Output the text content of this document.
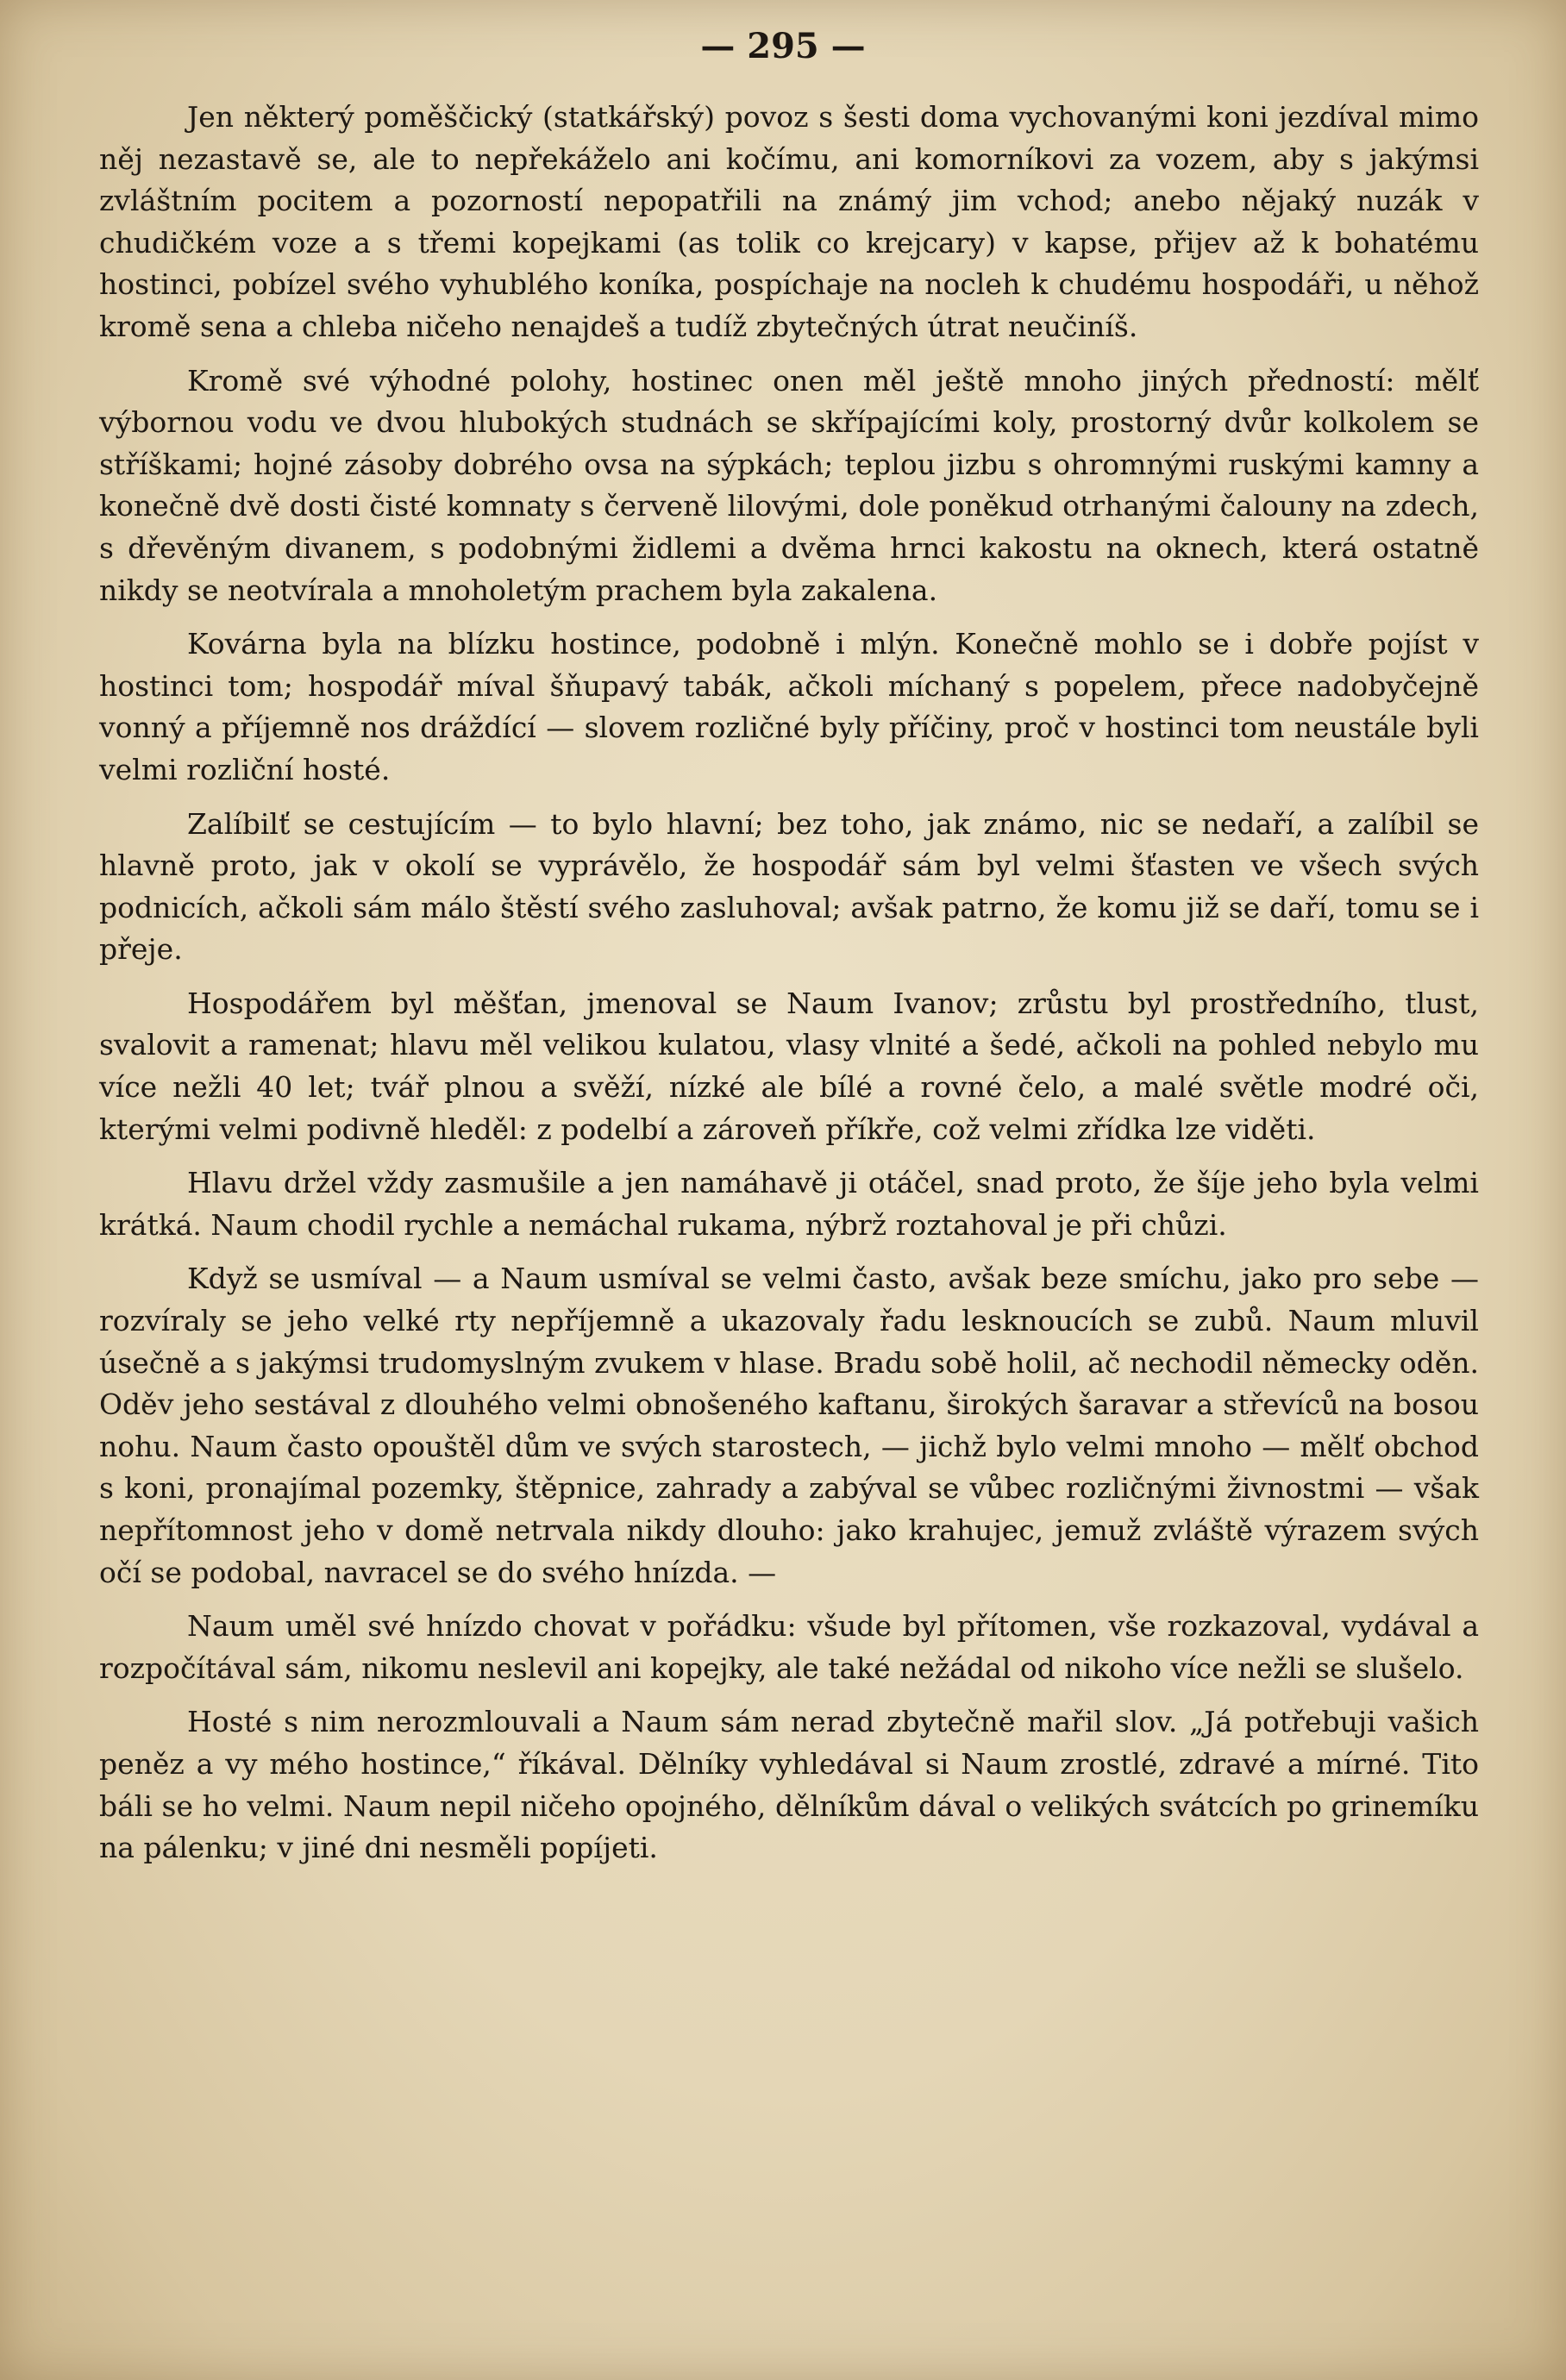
— 295 —

Jen některý poměščický (statkářský) povoz s šesti doma vychovanými koni jezdíval mimo něj nezastavě se, ale to nepřekáželo ani kočímu, ani komorníkovi za vozem, aby s jakýmsi zvláštním pocitem a pozorností nepopatřili na známý jim vchod; anebo nějaký nuzák v chudičkém voze a s třemi kopejkami (as tolik co krejcary) v kapse, přijev až k bohatému hostinci, pobízel svého vyhublého koníka, pospíchaje na nocleh k chudému hospodáři, u něhož kromě sena a chleba ničeho nenajdeš a tudíž zbytečných útrat neučiníš.

Kromě své výhodné polohy, hostinec onen měl ještě mnoho jiných předností: mělť výbornou vodu ve dvou hlubokých studnách se skřípajícími koly, prostorný dvůr kolkolem se stříškami; hojné zásoby dobrého ovsa na sýpkách; teplou jizbu s ohromnými ruskými kamny a konečně dvě dosti čisté komnaty s červeně lilovými, dole poněkud otrhanými čalouny na zdech, s dřevěným divanem, s podobnými židlemi a dvěma hrnci kakostu na oknech, která ostatně nikdy se neotvírala a mnoholetým prachem byla zakalena.

Kovárna byla na blízku hostince, podobně i mlýn. Konečně mohlo se i dobře pojíst v hostinci tom; hospodář míval šňupavý tabák, ačkoli míchaný s popelem, přece nadobyčejně vonný a příjemně nos dráždící — slovem rozličné byly příčiny, proč v hostinci tom neustále byli velmi rozliční hosté.

Zalíbilť se cestujícím — to bylo hlavní; bez toho, jak známo, nic se nedaří, a zalíbil se hlavně proto, jak v okolí se vyprávělo, že hospodář sám byl velmi šťasten ve všech svých podnicích, ačkoli sám málo štěstí svého zasluhoval; avšak patrno, že komu již se daří, tomu se i přeje.

Hospodářem byl měšťan, jmenoval se Naum Ivanov; zrůstu byl prostředního, tlust, svalovit a ramenat; hlavu měl velikou kulatou, vlasy vlnité a šedé, ačkoli na pohled nebylo mu více nežli 40 let; tvář plnou a svěží, nízké ale bílé a rovné čelo, a malé světle modré oči, kterými velmi podivně hleděl: z podelbí a zároveň příkře, což velmi zřídka lze viděti.

Hlavu držel vždy zasmušile a jen namáhavě ji otáčel, snad proto, že šíje jeho byla velmi krátká. Naum chodil rychle a nemáchal rukama, nýbrž roztahoval je při chůzi.

Když se usmíval — a Naum usmíval se velmi často, avšak beze smíchu, jako pro sebe — rozvíraly se jeho velké rty nepříjemně a ukazovaly řadu lesknoucích se zubů. Naum mluvil úsečně a s jakýmsi trudomyslným zvukem v hlase. Bradu sobě holil, ač nechodil německy oděn. Oděv jeho sestával z dlouhého velmi obnošeného kaftanu, širokých šaravar a střevíců na bosou nohu. Naum často opouštěl dům ve svých starostech, — jichž bylo velmi mnoho — mělť obchod s koni, pronajímal pozemky, štěpnice, zahrady a zabýval se vůbec rozličnými živnostmi — však nepřítomnost jeho v domě netrvala nikdy dlouho: jako krahujec, jemuž zvláště výrazem svých očí se podobal, navracel se do svého hnízda. —

Naum uměl své hnízdo chovat v pořádku: všude byl přítomen, vše rozkazoval, vydával a rozpočítával sám, nikomu neslevil ani kopejky, ale také nežádal od nikoho více nežli se slušelo.

Hosté s nim nerozmlouvali a Naum sám nerad zbytečně mařil slov. „Já potřebuji vašich peněz a vy mého hostince,“ říkával. Dělníky vyhledával si Naum zrostlé, zdravé a mírné. Tito báli se ho velmi. Naum nepil ničeho opojného, dělníkům dával o velikých svátcích po grinemíku na pálenku; v jiné dni nesměli popíjeti.
